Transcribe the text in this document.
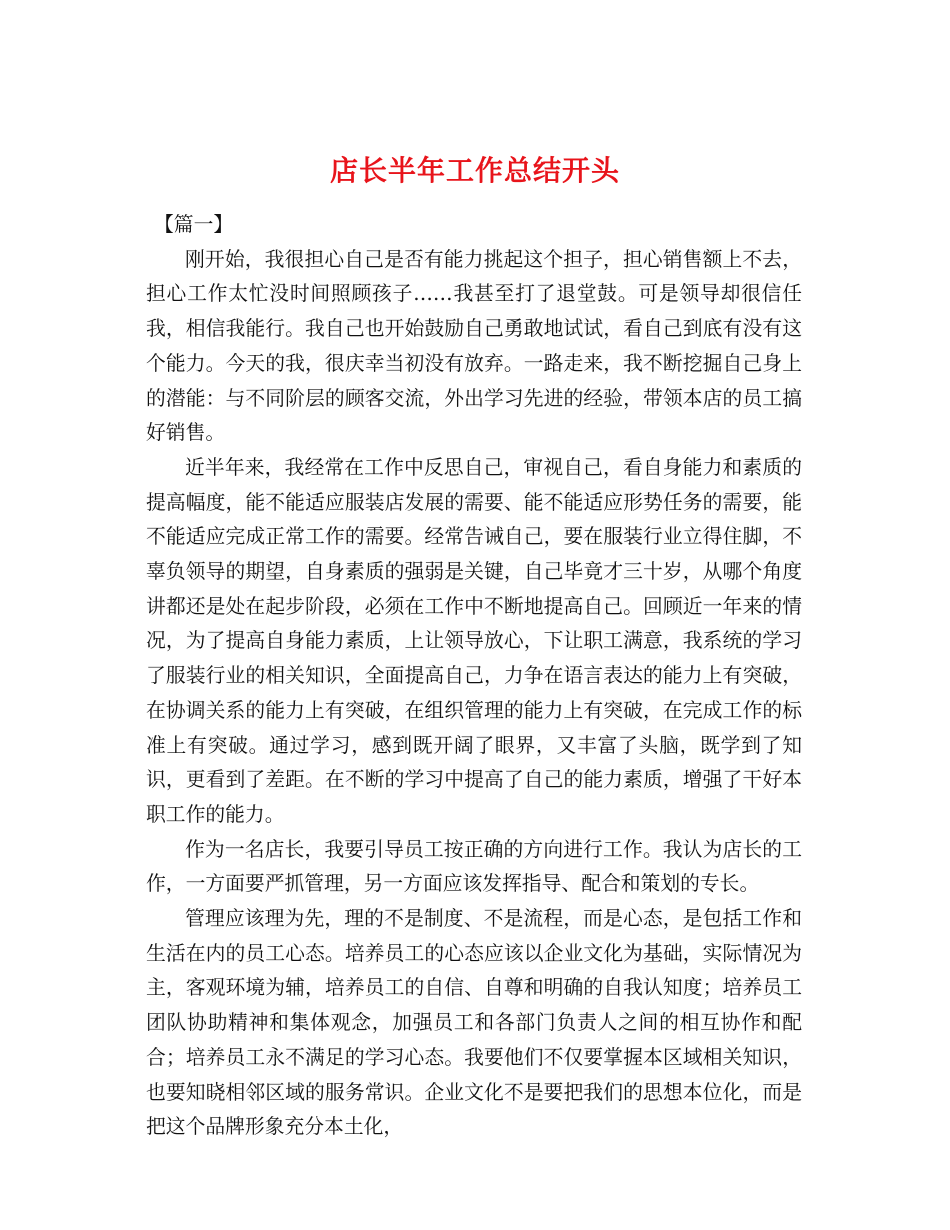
店长半年工作总结开头

【篇一】

刚开始，我很担心自己是否有能力挑起这个担子，担心销售额上不去，担心工作太忙没时间照顾孩子……我甚至打了退堂鼓。可是领导却很信任我，相信我能行。我自己也开始鼓励自己勇敢地试试，看自己到底有没有这个能力。今天的我，很庆幸当初没有放弃。一路走来，我不断挖掘自己身上的潜能：与不同阶层的顾客交流，外出学习先进的经验，带领本店的员工搞好销售。

近半年来，我经常在工作中反思自己，审视自己，看自身能力和素质的提高幅度，能不能适应服装店发展的需要、能不能适应形势任务的需要，能不能适应完成正常工作的需要。经常告诫自己，要在服装行业立得住脚，不辜负领导的期望，自身素质的强弱是关键，自己毕竟才三十岁，从哪个角度讲都还是处在起步阶段，必须在工作中不断地提高自己。回顾近一年来的情况，为了提高自身能力素质，上让领导放心，下让职工满意，我系统的学习了服装行业的相关知识，全面提高自己，力争在语言表达的能力上有突破，在协调关系的能力上有突破，在组织管理的能力上有突破，在完成工作的标准上有突破。通过学习，感到既开阔了眼界，又丰富了头脑，既学到了知识，更看到了差距。在不断的学习中提高了自己的能力素质，增强了干好本职工作的能力。

作为一名店长，我要引导员工按正确的方向进行工作。我认为店长的工作，一方面要严抓管理，另一方面应该发挥指导、配合和策划的专长。

管理应该理为先，理的不是制度、不是流程，而是心态，是包括工作和生活在内的员工心态。培养员工的心态应该以企业文化为基础，实际情况为主，客观环境为辅，培养员工的自信、自尊和明确的自我认知度；培养员工团队协助精神和集体观念，加强员工和各部门负责人之间的相互协作和配合；培养员工永不满足的学习心态。我要他们不仅要掌握本区域相关知识，也要知晓相邻区域的服务常识。企业文化不是要把我们的思想本位化，而是把这个品牌形象充分本土化，
